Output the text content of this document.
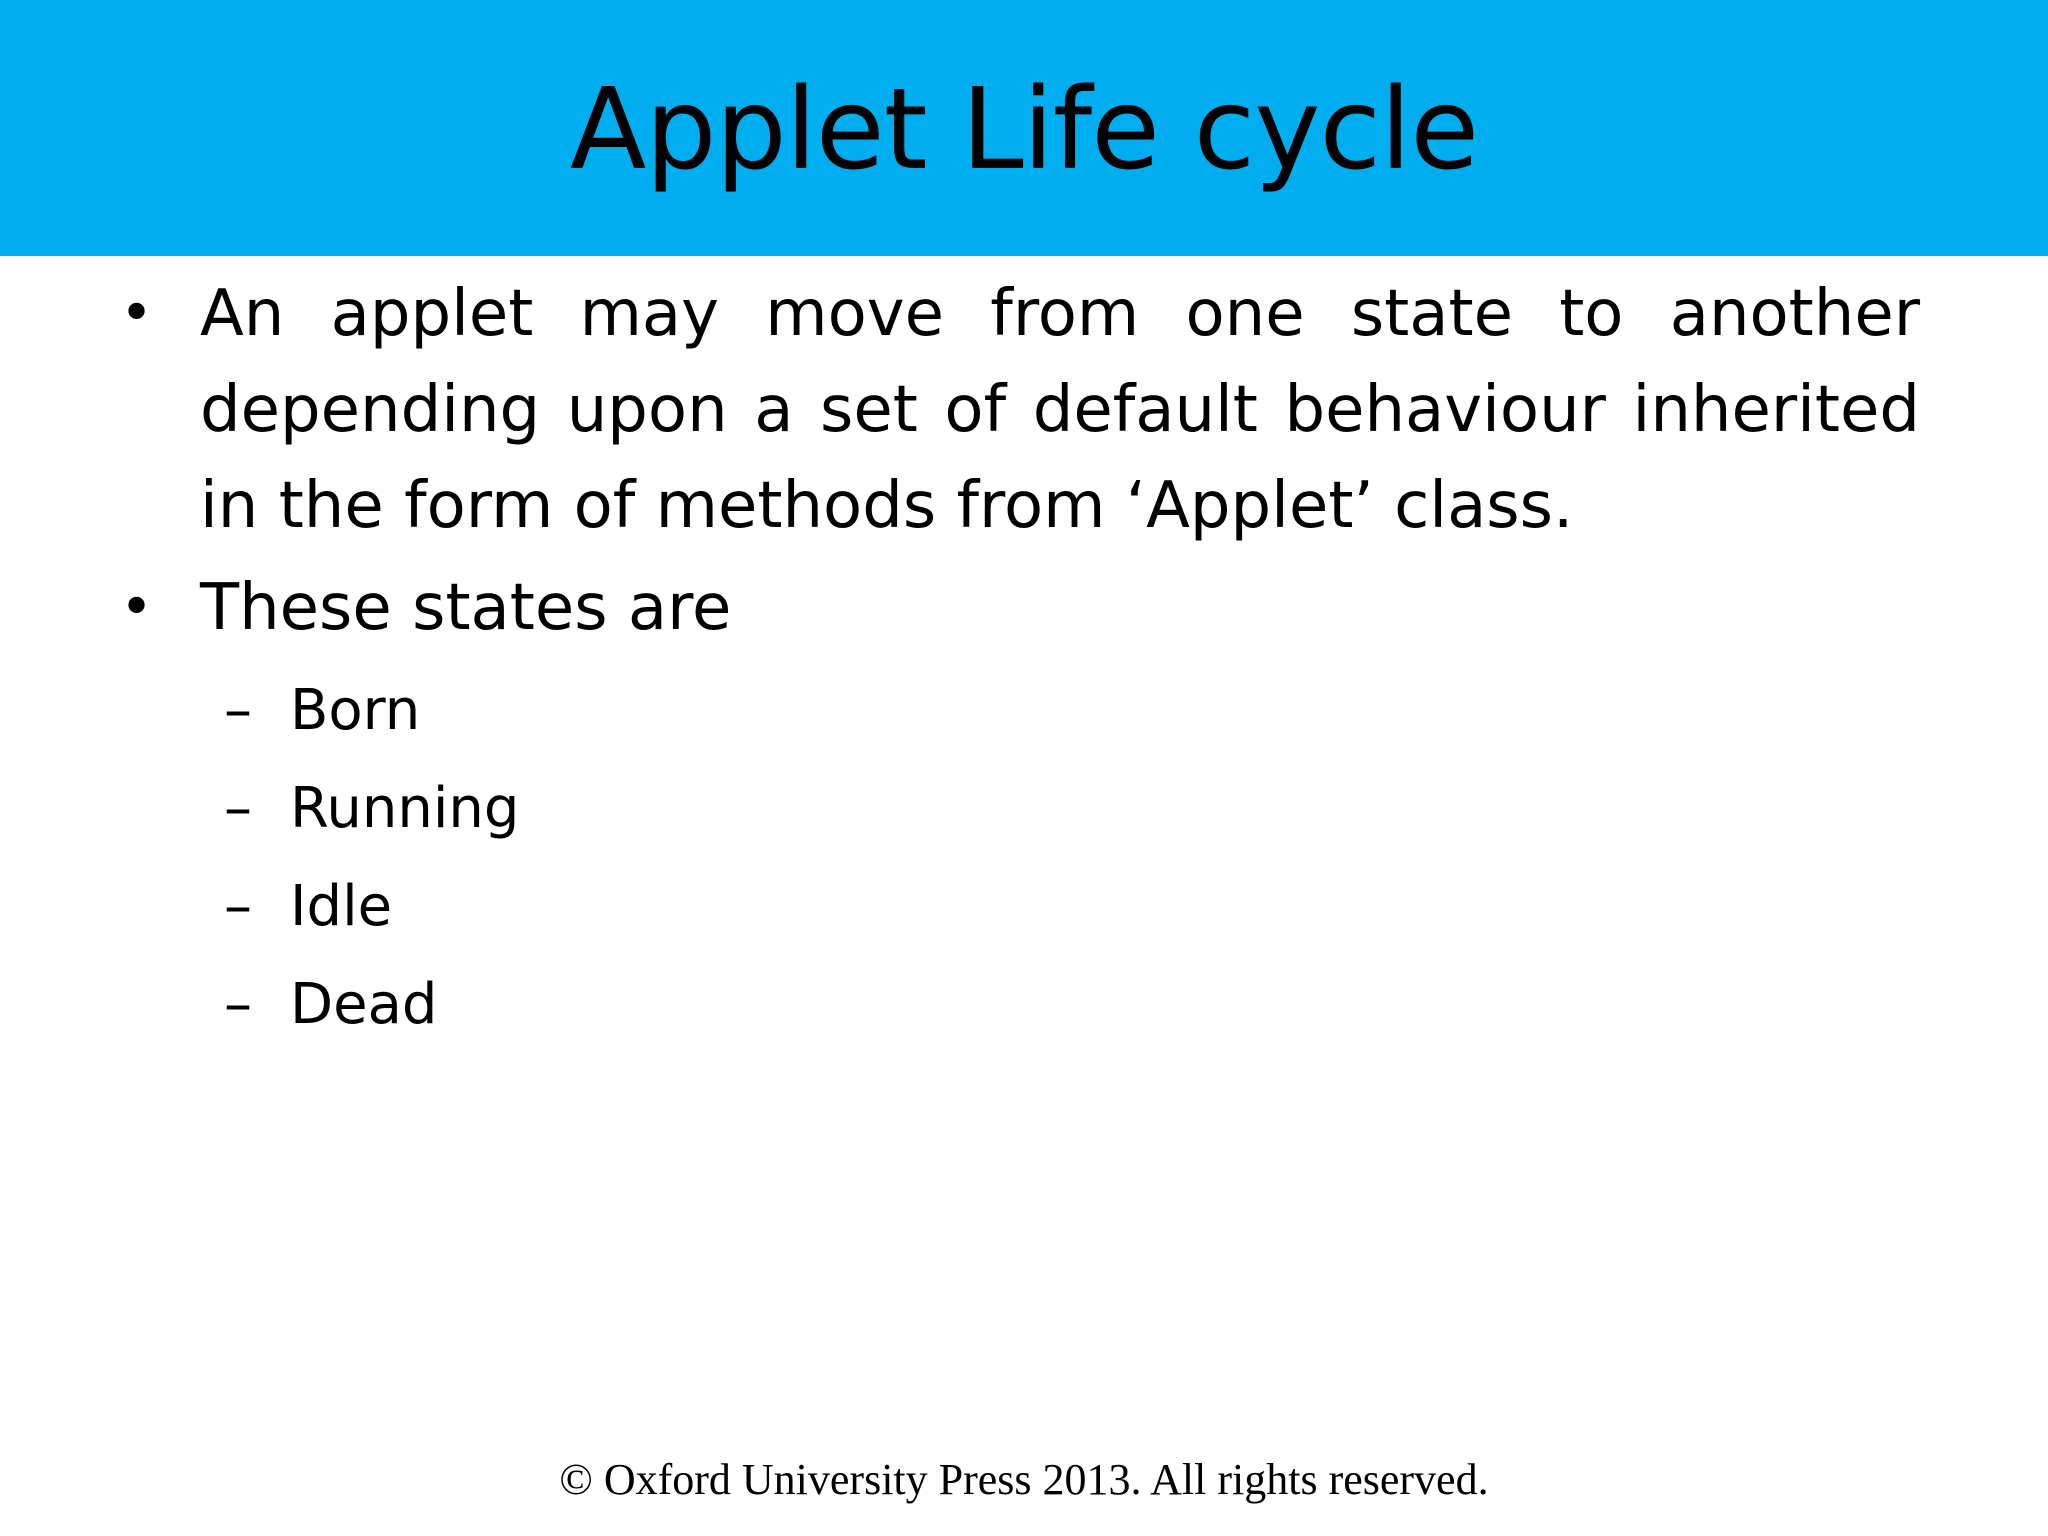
Applet Life cycle
• An applet may move from one state to another depending upon a set of default behaviour inherited in the form of methods from ‘Applet’ class.
• These states are
– Born
– Running
– Idle
– Dead
© Oxford University Press 2013. All rights reserved.
